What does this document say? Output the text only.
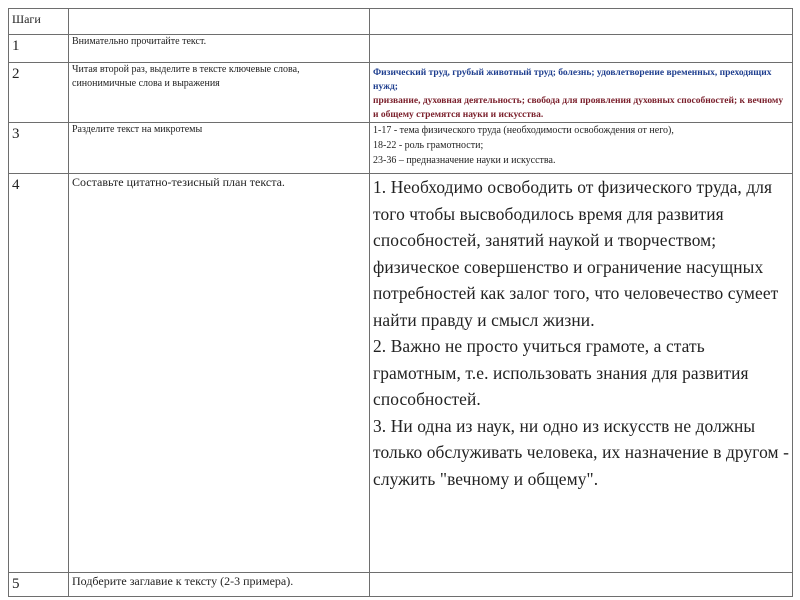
Шаги		
1	Внимательно прочитайте текст.	
2	Читая второй раз, выделите в тексте ключевые слова, синонимичные слова и выражения	Физический труд, грубый животный труд; болезнь; удовлетворение временных, преходящих нужд;

призвание, духовная деятельность; свобода для проявления духовных способностей; к вечному и общему стремятся науки и искусства.

3	Разделите текст на микротемы	1-17 - тема физического труда (необходимости освобождения от него),

18-22 - роль грамотности;

23-36 – предназначение науки и искусства.

4	Составьте цитатно-тезисный план текста.	1. Необходимо освободить от физического труда, для того чтобы высвободилось время для развития способностей, занятий наукой и творчеством; физическое совершенство и ограничение насущных потребностей как залог того, что человечество сумеет найти правду и смысл жизни.

2. Важно не просто учиться грамоте, а стать грамотным, т.е. использовать знания для развития способностей.

3. Ни одна из наук, ни одно из искусств не должны только обслуживать человека, их назначение в другом - служить "вечному и общему".

5	Подберите заглавие к тексту (2-3 примера).	
